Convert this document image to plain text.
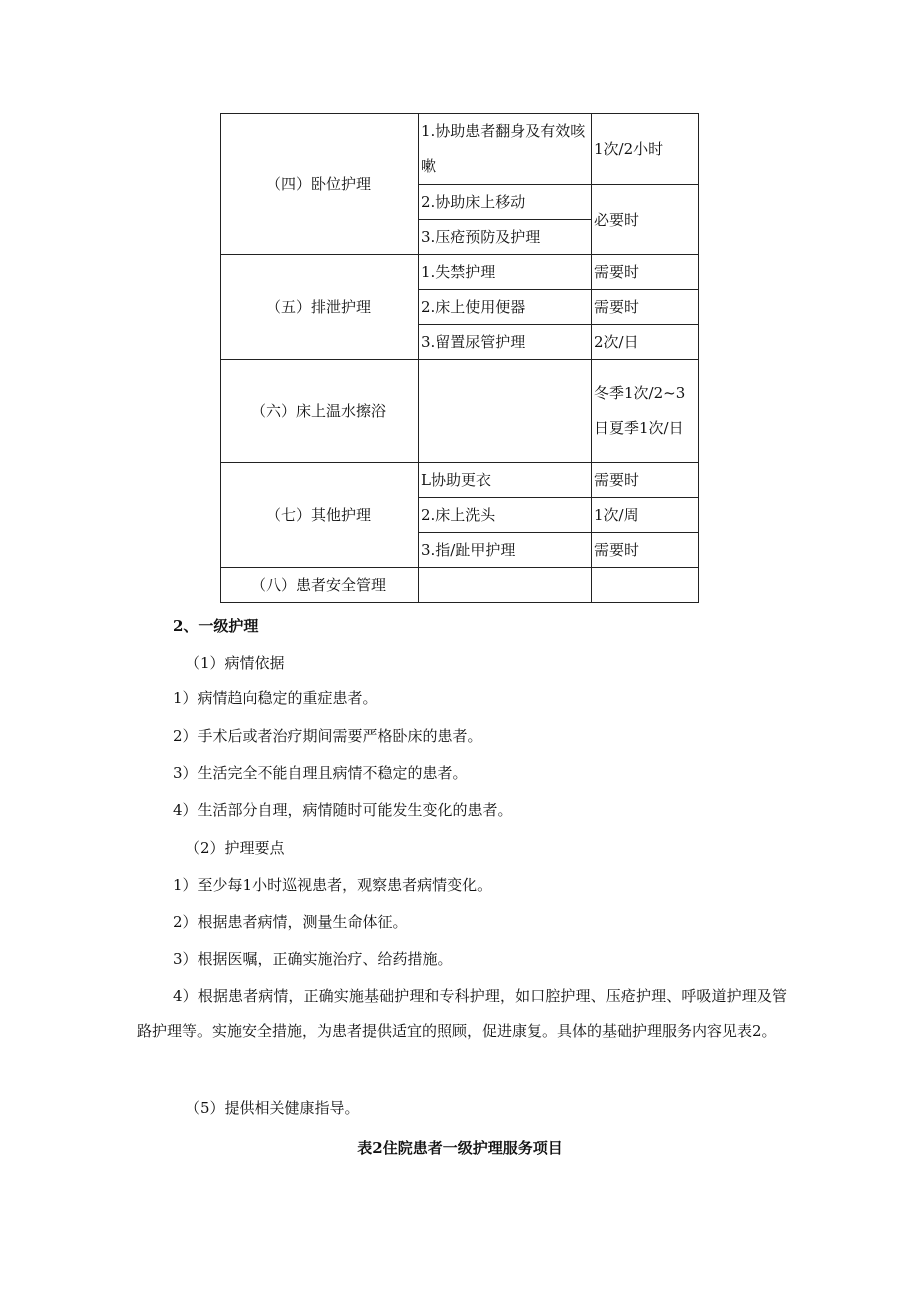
（四）卧位护理	1.协助患者翻身及有效咳嗽	1次/2小时
	2.协助床上移动	必要时
	3.压疮预防及护理	
（五）排泄护理	1.失禁护理	需要时
	2.床上使用便器	需要时
	3.留置尿管护理	2次/日
（六）床上温水擦浴		冬季1次/2~3日夏季1次/日
（七）其他护理	L协助更衣	需要时
	2.床上洗头	1次/周
	3.指/趾甲护理	需要时
（八）患者安全管理		
2、一级护理
（1）病情依据
1）病情趋向稳定的重症患者。
2）手术后或者治疗期间需要严格卧床的患者。
3）生活完全不能自理且病情不稳定的患者。
4）生活部分自理，病情随时可能发生变化的患者。
（2）护理要点
1）至少每1小时巡视患者，观察患者病情变化。
2）根据患者病情，测量生命体征。
3）根据医嘱，正确实施治疗、给药措施。
4）根据患者病情，正确实施基础护理和专科护理，如口腔护理、压疮护理、呼吸道护理及管路护理等。实施安全措施，为患者提供适宜的照顾，促进康复。具体的基础护理服务内容见表2。
（5）提供相关健康指导。
表2住院患者一级护理服务项目
